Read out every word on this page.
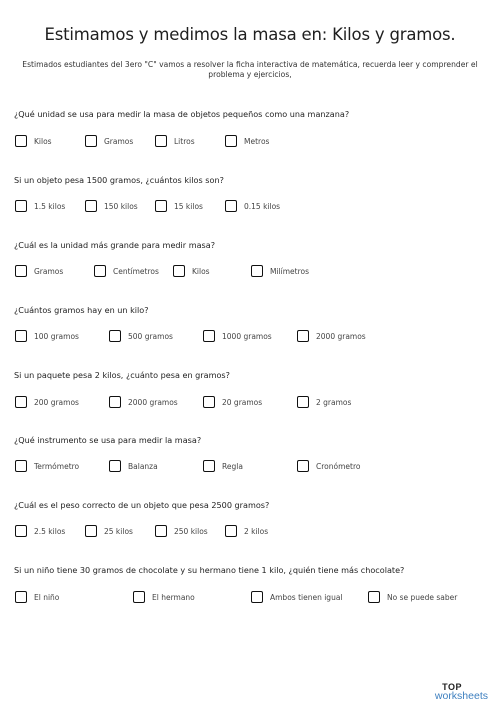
Estimamos y medimos la masa en: Kilos y gramos.
Estimados estudiantes del 3ero "C" vamos a resolver la ficha interactiva de matemática, recuerda leer y comprender el problema y ejercicios,
¿Qué unidad se usa para medir la masa de objetos pequeños como una manzana?
Kilos	Gramos	Litros	Metros
Si un objeto pesa 1500 gramos, ¿cuántos kilos son?
1.5 kilos	150 kilos	15 kilos	0.15 kilos
¿Cuál es la unidad más grande para medir masa?
Gramos	Centímetros	Kilos	Milímetros
¿Cuántos gramos hay en un kilo?
100 gramos	500 gramos	1000 gramos	2000 gramos
Si un paquete pesa 2 kilos, ¿cuánto pesa en gramos?
200 gramos	2000 gramos	20 gramos	2 gramos
¿Qué instrumento se usa para medir la masa?
Termómetro	Balanza	Regla	Cronómetro
¿Cuál es el peso correcto de un objeto que pesa 2500 gramos?
2.5 kilos	25 kilos	250 kilos	2 kilos
Si un niño tiene 30 gramos de chocolate y su hermano tiene 1 kilo, ¿quién tiene más chocolate?
El niño	El hermano	Ambos tienen igual	No se puede saber
TOP
worksheets
